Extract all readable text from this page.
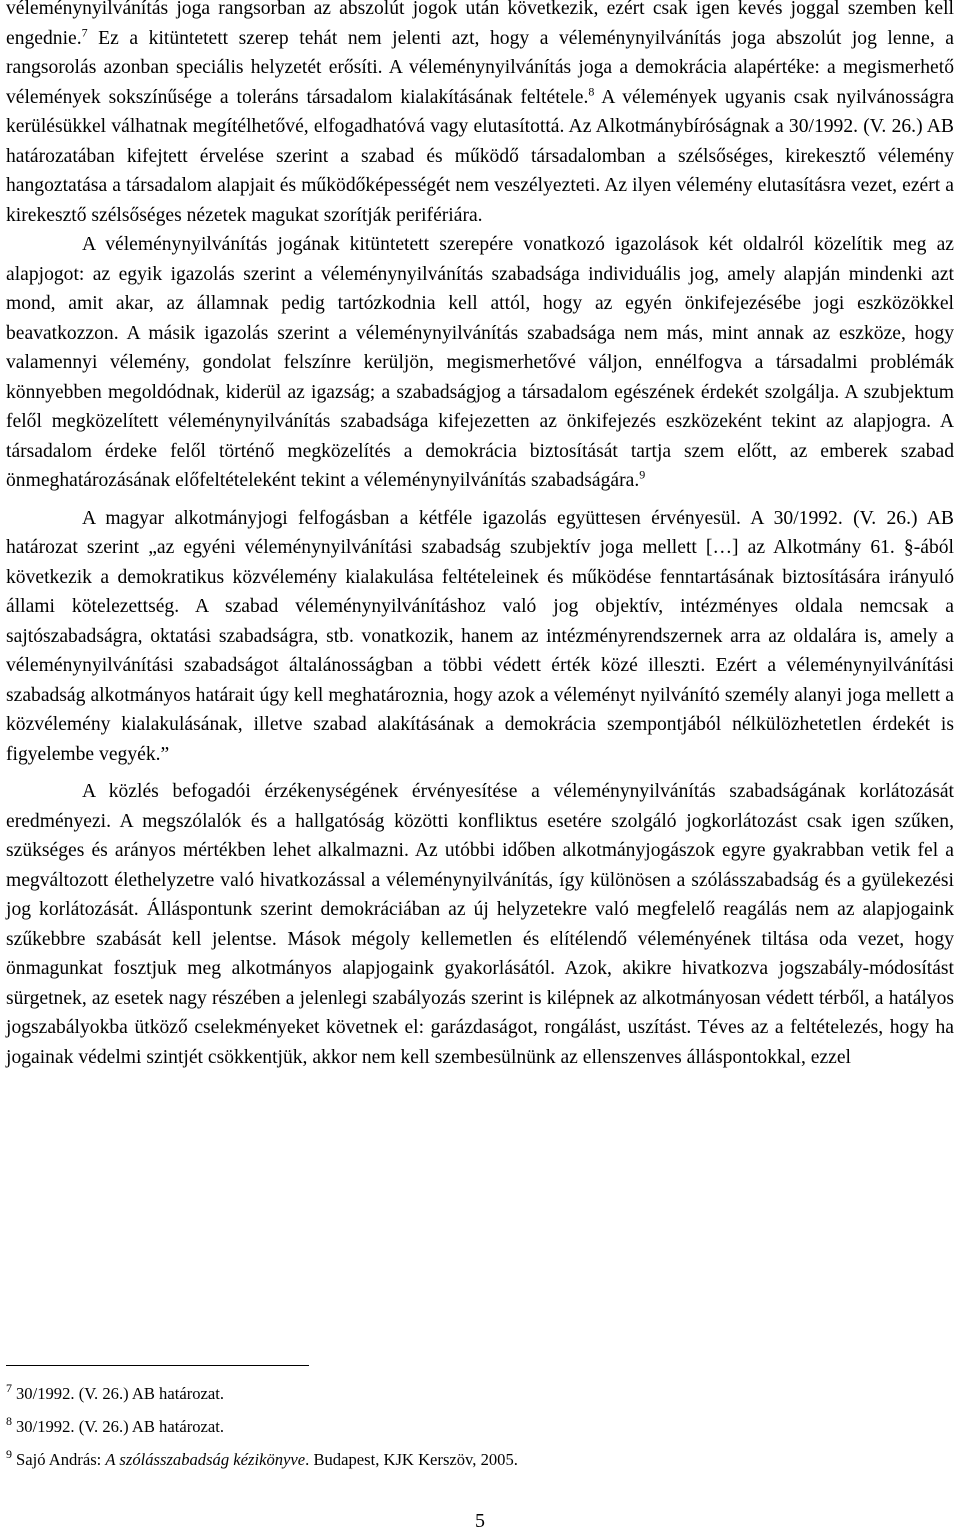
véleménynyilvánítás joga rangsorban az abszolút jogok után következik, ezért csak igen kevés joggal szemben kell engednie.$^7$ Ez a kitüntetett szerep tehát nem jelenti azt, hogy a véleménynyilvánítás joga abszolút jog lenne, a rangsorolás azonban speciális helyzetét erősíti. A véleménynyilvánítás joga a demokrácia alapértéke: a megismerhető vélemények sokszínűsége a toleráns társadalom kialakításának feltétele.$^8$ A vélemények ugyanis csak nyilvánosságra kerülésükkel válhatnak megítélhetővé, elfogadhatóvá vagy elutasítottá. Az Alkotmánybíróságnak a 30/1992. (V. 26.) AB határozatában kifejtett érvelése szerint a szabad és működő társadalomban a szélsőséges, kirekesztő vélemény hangoztatása a társadalom alapjait és működőképességét nem veszélyezteti. Az ilyen vélemény elutasításra vezet, ezért a kirekesztő szélsőséges nézetek magukat szorítják perifériára.

A véleménynyilvánítás jogának kitüntetett szerepére vonatkozó igazolások két oldalról közelítik meg az alapjogot: az egyik igazolás szerint a véleménynyilvánítás szabadsága individuális jog, amely alapján mindenki azt mond, amit akar, az államnak pedig tartózkodnia kell attól, hogy az egyén önkifejezésébe jogi eszközökkel beavatkozzon. A másik igazolás szerint a véleménynyilvánítás szabadsága nem más, mint annak az eszköze, hogy valamennyi vélemény, gondolat felszínre kerüljön, megismerhetővé váljon, ennélfogva a társadalmi problémák könnyebben megoldódnak, kiderül az igazság; a szabadságjog a társadalom egészének érdekét szolgálja. A szubjektum felől megközelített véleménynyilvánítás szabadsága kifejezetten az önkifejezés eszközeként tekint az alapjogra. A társadalom érdeke felől történő megközelítés a demokrácia biztosítását tartja szem előtt, az emberek szabad önmeghatározásának előfeltételeként tekint a véleménynyilvánítás szabadságára.$^9$

A magyar alkotmányjogi felfogásban a kétféle igazolás együttesen érvényesül. A 30/1992. (V. 26.) AB határozat szerint „az egyéni véleménynyilvánítási szabadság szubjektív joga mellett […] az Alkotmány 61. §-ából következik a demokratikus közvélemény kialakulása feltételeinek és működése fenntartásának biztosítására irányuló állami kötelezettség. A szabad véleménynyilvánításhoz való jog objektív, intézményes oldala nemcsak a sajtószabadságra, oktatási szabadságra, stb. vonatkozik, hanem az intézményrendszernek arra az oldalára is, amely a véleménynyilvánítási szabadságot általánosságban a többi védett érték közé illeszti. Ezért a véleménynyilvánítási szabadság alkotmányos határait úgy kell meghatároznia, hogy azok a véleményt nyilvánító személy alanyi joga mellett a közvélemény kialakulásának, illetve szabad alakításának a demokrácia szempontjából nélkülözhetetlen érdekét is figyelembe vegyék.”

A közlés befogadói érzékenységének érvényesítése a véleménynyilvánítás szabadságának korlátozását eredményezi. A megszólalók és a hallgatóság közötti konfliktus esetére szolgáló jogkorlátozást csak igen szűken, szükséges és arányos mértékben lehet alkalmazni. Az utóbbi időben alkotmányjogászok egyre gyakrabban vetik fel a megváltozott élethelyzetre való hivatkozással a véleménynyilvánítás, így különösen a szólásszabadság és a gyülekezési jog korlátozását. Álláspontunk szerint demokráciában az új helyzetekre való megfelelő reagálás nem az alapjogaink szűkebbre szabását kell jelentse. Mások mégoly kellemetlen és elítélendő véleményének tiltása oda vezet, hogy önmagunkat fosztjuk meg alkotmányos alapjogaink gyakorlásától. Azok, akikre hivatkozva jogszabály-módosítást sürgetnek, az esetek nagy részében a jelenlegi szabályozás szerint is kilépnek az alkotmányosan védett térből, a hatályos jogszabályokba ütköző cselekményeket követnek el: garázdaságot, rongálást, uszítást. Téves az a feltételezés, hogy ha jogainak védelmi szintjét csökkentjük, akkor nem kell szembesülnünk az ellenszenves álláspontokkal, ezzel

$^7$ 30/1992. (V. 26.) AB határozat.
$^8$ 30/1992. (V. 26.) AB határozat.
$^9$ Sajó András: A szólásszabadság kézikönyve. Budapest, KJK Kerszöv, 2005.
5
